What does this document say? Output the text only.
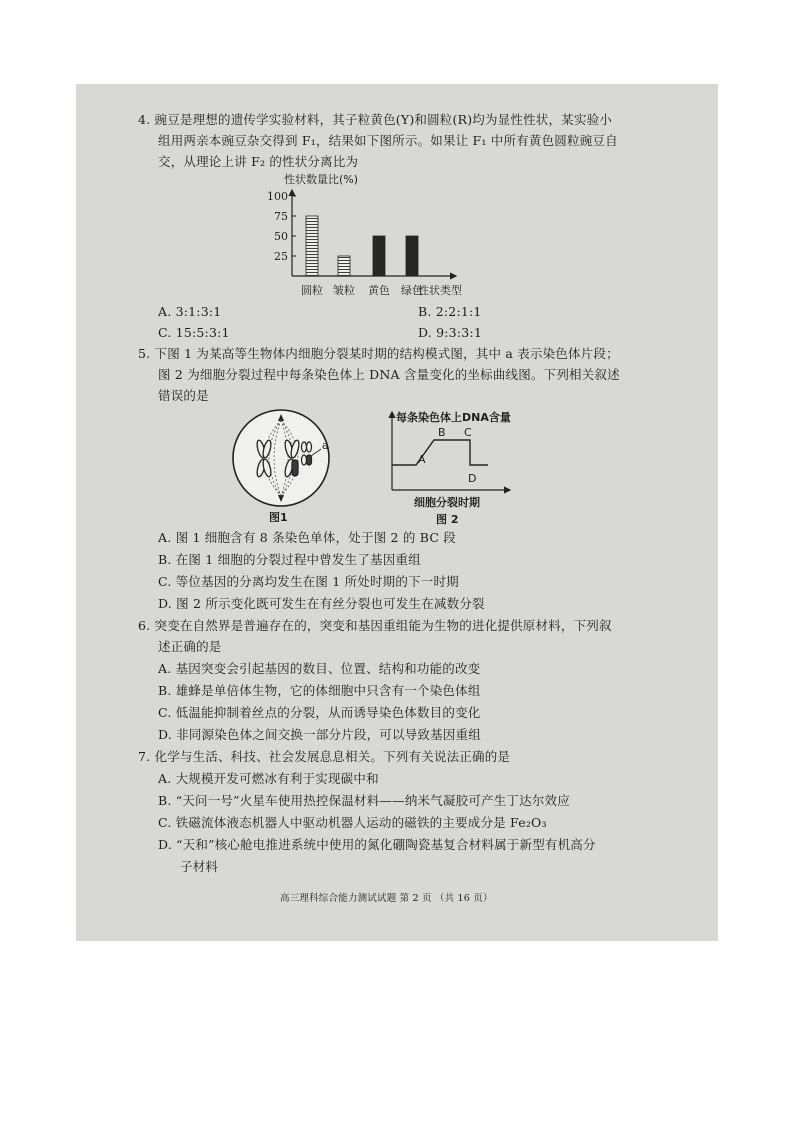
4. 豌豆是理想的遗传学实验材料，其子粒黄色(Y)和圆粒(R)均为显性性状，某实验小
组用两亲本豌豆杂交得到 F₁，结果如下图所示。如果让 F₁ 中所有黄色圆粒豌豆自
交，从理论上讲 F₂ 的性状分离比为
性状数量比(%)
100
75
50
25
圆粒 皱粒 黄色 绿色
性状类型
A. 3:1:3:1	B. 2:2:1:1
C. 15:5:3:1	D. 9:3:3:1
5. 下图 1 为某高等生物体内细胞分裂某时期的结构模式图，其中 a 表示染色体片段；
图 2 为细胞分裂过程中每条染色体上 DNA 含量变化的坐标曲线图。下列相关叙述
错误的是
a
图1
每条染色体上DNA含量
A
B C
D
细胞分裂时期
图 2
A. 图 1 细胞含有 8 条染色单体，处于图 2 的 BC 段
B. 在图 1 细胞的分裂过程中曾发生了基因重组
C. 等位基因的分离均发生在图 1 所处时期的下一时期
D. 图 2 所示变化既可发生在有丝分裂也可发生在减数分裂
6. 突变在自然界是普遍存在的，突变和基因重组能为生物的进化提供原材料，下列叙
述正确的是
A. 基因突变会引起基因的数目、位置、结构和功能的改变
B. 雄蜂是单倍体生物，它的体细胞中只含有一个染色体组
C. 低温能抑制着丝点的分裂，从而诱导染色体数目的变化
D. 非同源染色体之间交换一部分片段，可以导致基因重组
7. 化学与生活、科技、社会发展息息相关。下列有关说法正确的是
A. 大规模开发可燃冰有利于实现碳中和
B. “天问一号”火星车使用热控保温材料——纳米气凝胶可产生丁达尔效应
C. 铁磁流体液态机器人中驱动机器人运动的磁铁的主要成分是 Fe₂O₃
D. “天和”核心舱电推进系统中使用的氮化硼陶瓷基复合材料属于新型有机高分
子材料
高三理科综合能力测试试题 第 2 页 （共 16 页）
